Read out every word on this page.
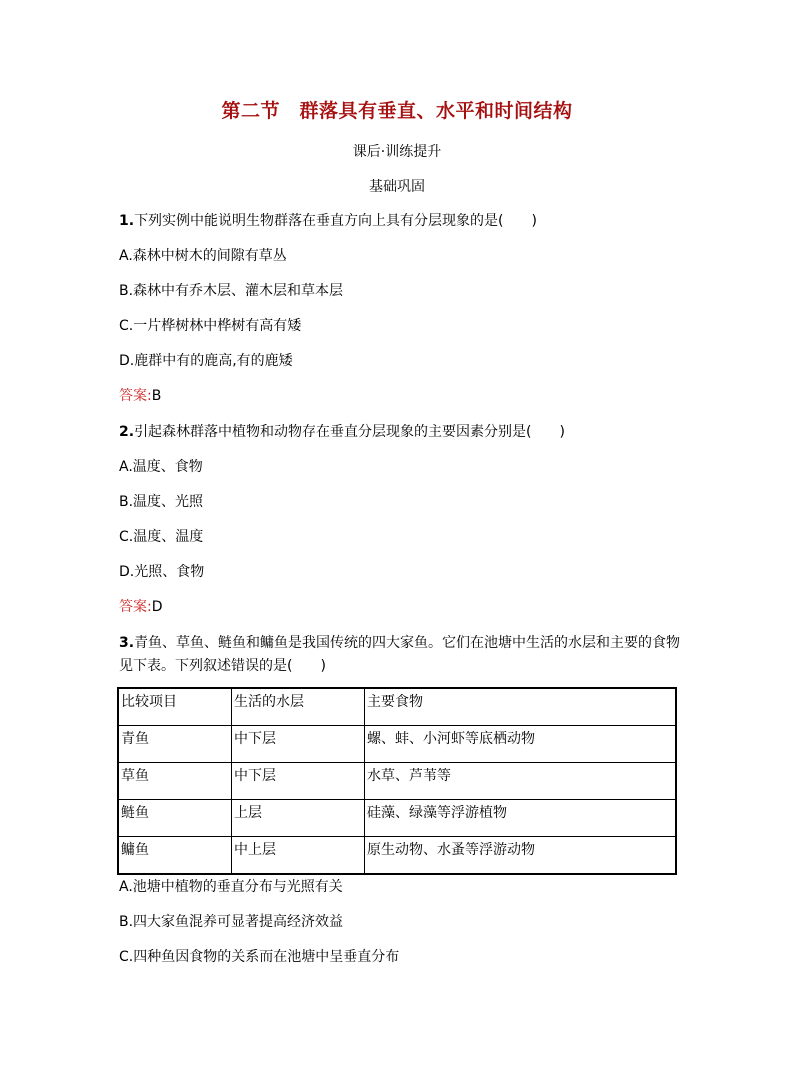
第二节　群落具有垂直、水平和时间结构
课后·训练提升
基础巩固
1.下列实例中能说明生物群落在垂直方向上具有分层现象的是(　　)
A.森林中树木的间隙有草丛
B.森林中有乔木层、灌木层和草本层
C.一片桦树林中桦树有高有矮
D.鹿群中有的鹿高,有的鹿矮
答案:B
2.引起森林群落中植物和动物存在垂直分层现象的主要因素分别是(　　)
A.温度、食物
B.温度、光照
C.温度、温度
D.光照、食物
答案:D
3.青鱼、草鱼、鲢鱼和鳙鱼是我国传统的四大家鱼。它们在池塘中生活的水层和主要的食物
见下表。下列叙述错误的是(　　)
比较项目	生活的水层	主要食物
青鱼	中下层	螺、蚌、小河虾等底栖动物
草鱼	中下层	水草、芦苇等
鲢鱼	上层	硅藻、绿藻等浮游植物
鳙鱼	中上层	原生动物、水蚤等浮游动物
A.池塘中植物的垂直分布与光照有关
B.四大家鱼混养可显著提高经济效益
C.四种鱼因食物的关系而在池塘中呈垂直分布
